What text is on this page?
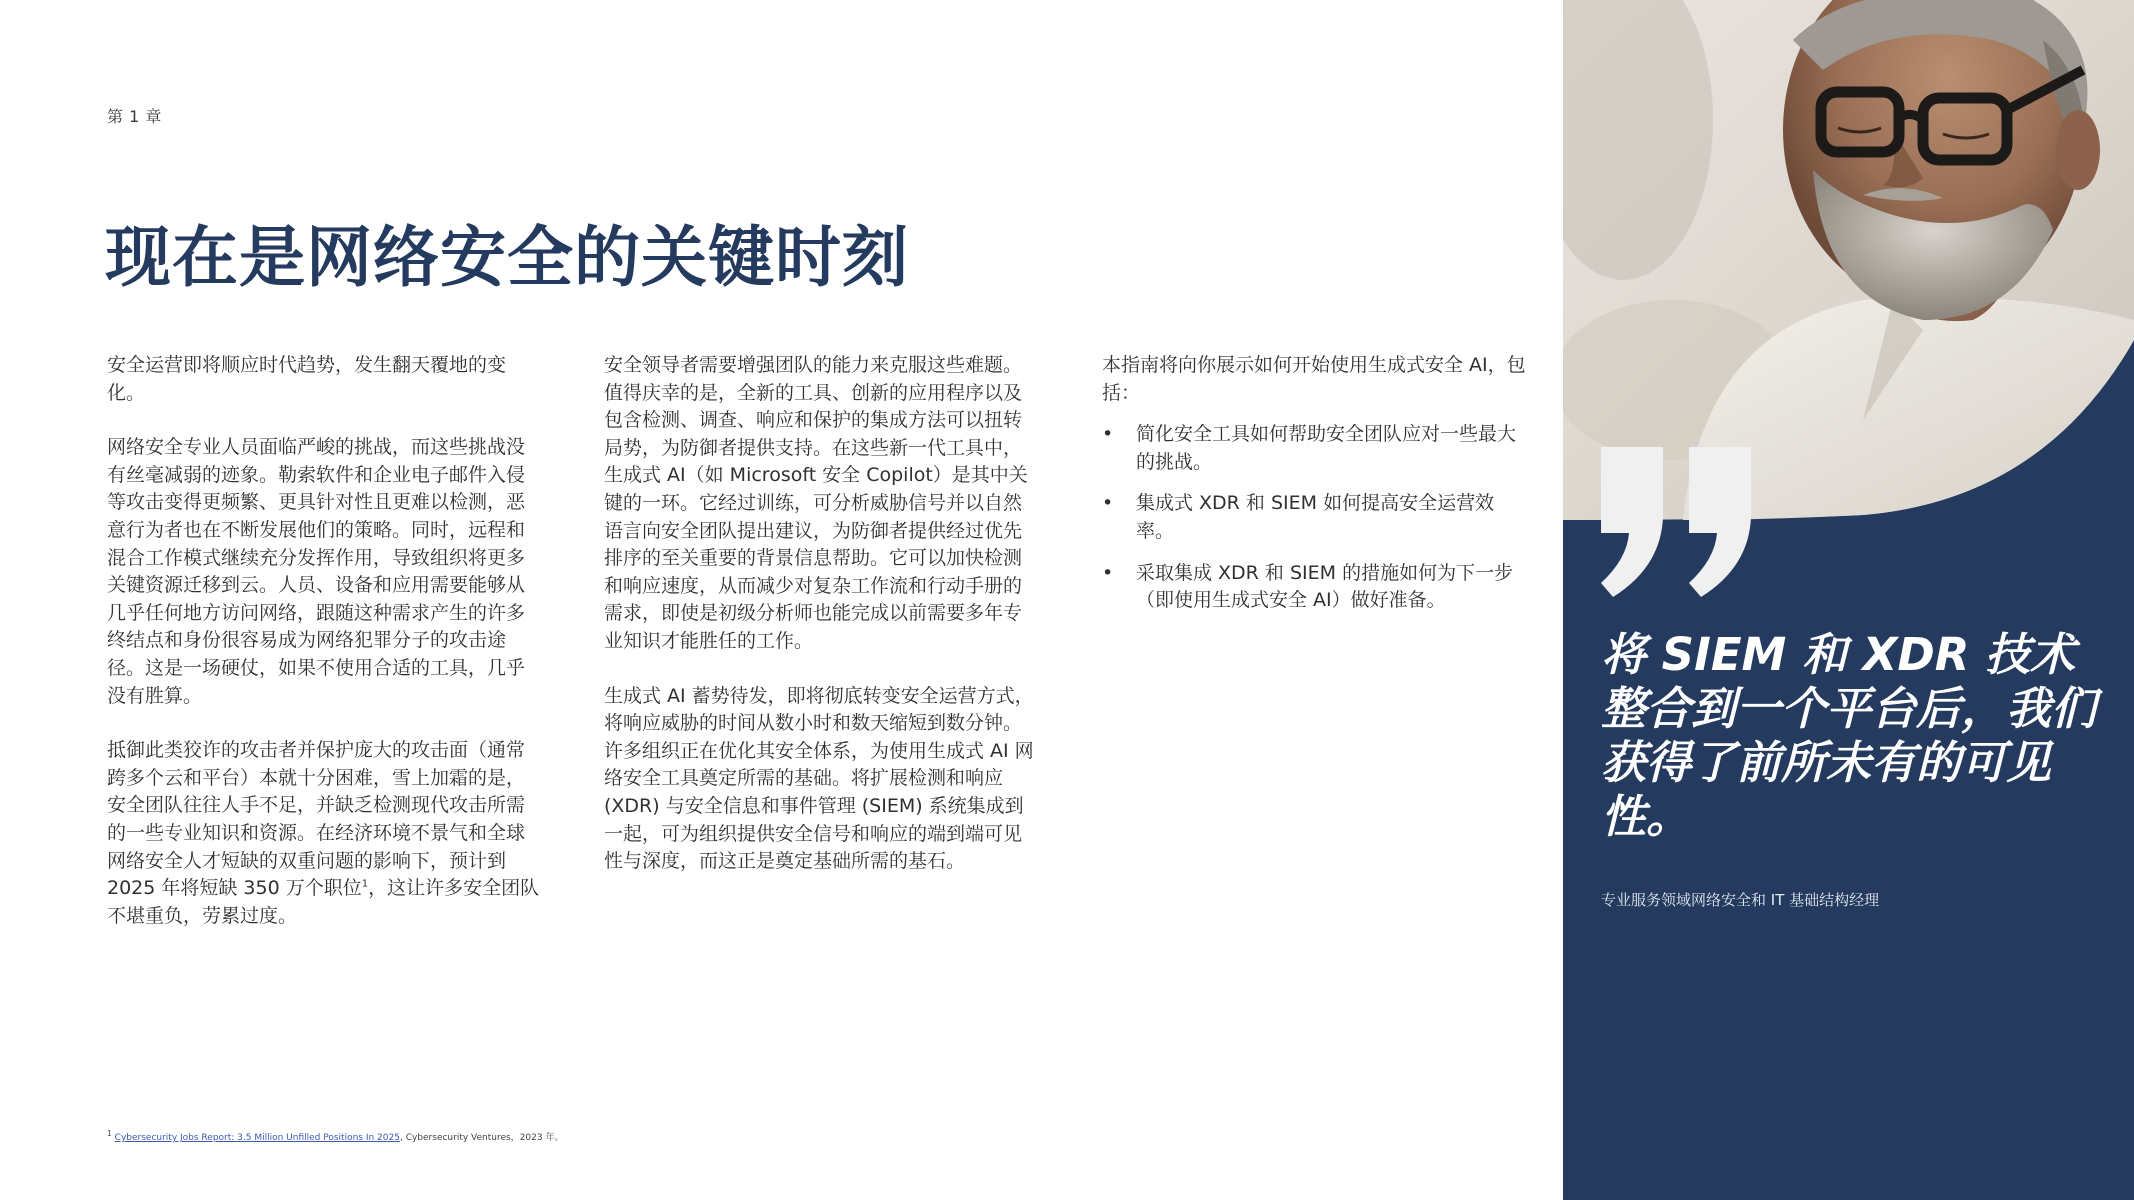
第 1 章
现在是网络安全的关键时刻

安全运营即将顺应时代趋势，发生翻天覆地的变化。

网络安全专业人员面临严峻的挑战，而这些挑战没有丝毫减弱的迹象。勒索软件和企业电子邮件入侵等攻击变得更频繁、更具针对性且更难以检测，恶意行为者也在不断发展他们的策略。同时，远程和混合工作模式继续充分发挥作用，导致组织将更多关键资源迁移到云。人员、设备和应用需要能够从几乎任何地方访问网络，跟随这种需求产生的许多终结点和身份很容易成为网络犯罪分子的攻击途径。这是一场硬仗，如果不使用合适的工具，几乎没有胜算。

抵御此类狡诈的攻击者并保护庞大的攻击面（通常跨多个云和平台）本就十分困难，雪上加霜的是，安全团队往往人手不足，并缺乏检测现代攻击所需的一些专业知识和资源。在经济环境不景气和全球网络安全人才短缺的双重问题的影响下，预计到 2025 年将短缺 350 万个职位$^1$，这让许多安全团队不堪重负，劳累过度。

安全领导者需要增强团队的能力来克服这些难题。值得庆幸的是，全新的工具、创新的应用程序以及包含检测、调查、响应和保护的集成方法可以扭转局势，为防御者提供支持。在这些新一代工具中，生成式 AI（如 Microsoft 安全 Copilot）是其中关键的一环。它经过训练，可分析威胁信号并以自然语言向安全团队提出建议，为防御者提供经过优先排序的至关重要的背景信息帮助。它可以加快检测和响应速度，从而减少对复杂工作流和行动手册的需求，即使是初级分析师也能完成以前需要多年专业知识才能胜任的工作。

生成式 AI 蓄势待发，即将彻底转变安全运营方式，将响应威胁的时间从数小时和数天缩短到数分钟。许多组织正在优化其安全体系，为使用生成式 AI 网络安全工具奠定所需的基础。将扩展检测和响应 (XDR) 与安全信息和事件管理 (SIEM) 系统集成到一起，可为组织提供安全信号和响应的端到端可见性与深度，而这正是奠定基础所需的基石。

本指南将向你展示如何开始使用生成式安全 AI，包括：

• 简化安全工具如何帮助安全团队应对一些最大的挑战。
• 集成式 XDR 和 SIEM 如何提高安全运营效率。
• 采取集成 XDR 和 SIEM 的措施如何为下一步（即使用生成式安全 AI）做好准备。
$^1$ Cybersecurity Jobs Report: 3.5 Million Unfilled Positions In 2025, Cybersecurity Ventures，2023 年。

将 SIEM 和 XDR 技术整合到一个平台后，我们获得了前所未有的可见性。

专业服务领域网络安全和 IT 基础结构经理
